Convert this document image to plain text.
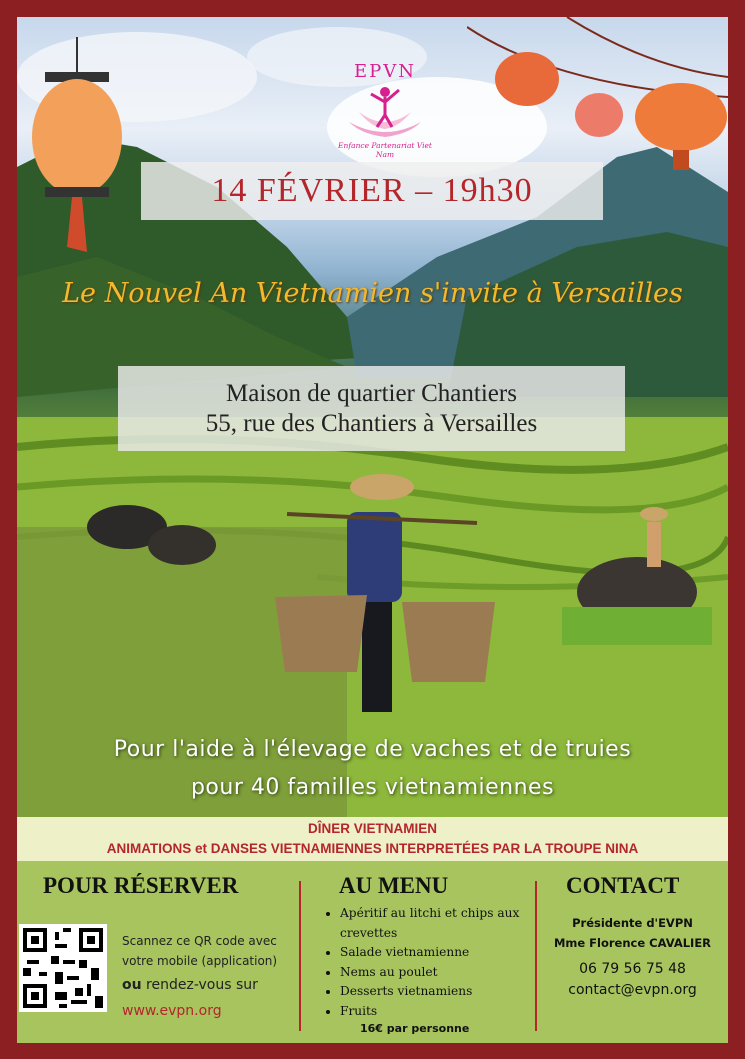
EPVN
Enfance Partenariat Viet Nam
14 FÉVRIER – 19h30
Le Nouvel An Vietnamien s'invite à Versailles
Maison de quartier Chantiers
55, rue des Chantiers à Versailles
Pour l'aide à l'élevage de vaches et de truies
pour 40 familles vietnamiennes
DÎNER VIETNAMIEN
ANIMATIONS et DANSES VIETNAMIENNES INTERPRETÉES PAR LA TROUPE NINA
POUR RÉSERVER
Scannez ce QR code avec
votre mobile (application)
ou rendez-vous sur
www.evpn.org
AU MENU
• Apéritif au litchi et chips aux crevettes
• Salade vietnamienne
• Nems au poulet
• Desserts vietnamiens
• Fruits
16€ par personne
CONTACT
Présidente d'EVPN
Mme Florence CAVALIER
06 79 56 75 48
contact@evpn.org
